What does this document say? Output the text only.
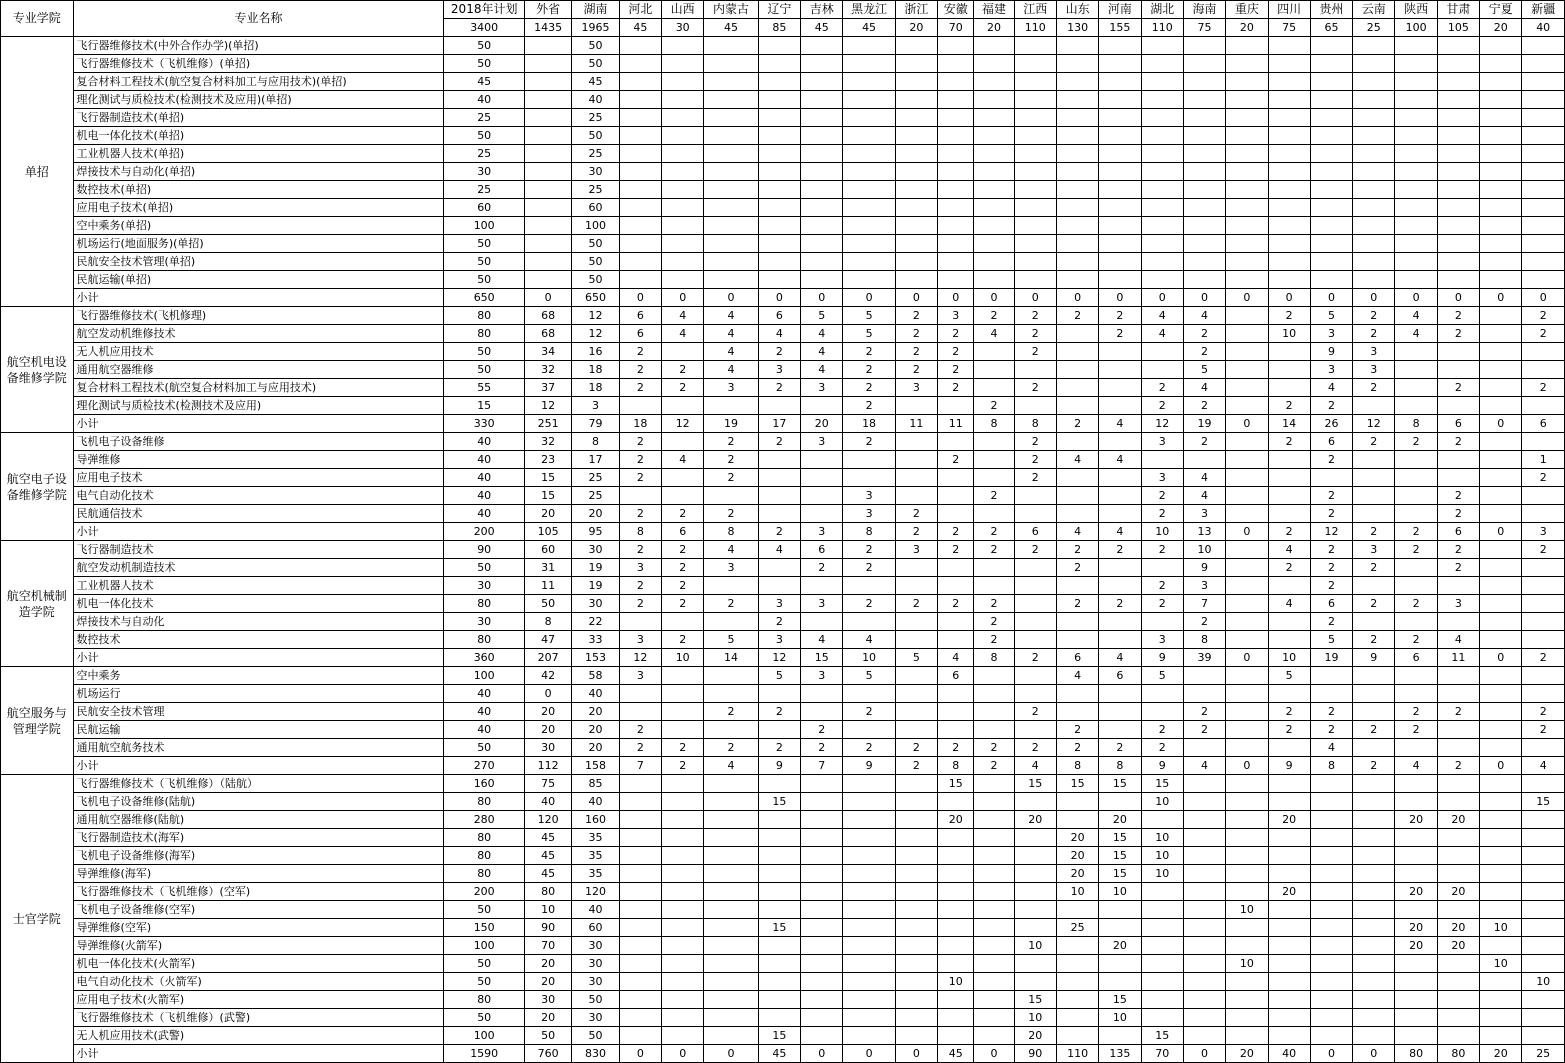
专业学院	专业名称	2018年计划	外省	湖南	河北	山西	内蒙古	辽宁	吉林	黑龙江	浙江	安徽	福建	江西	山东	河南	湖北	海南	重庆	四川	贵州	云南	陕西	甘肃	宁夏	新疆
		3400	1435	1965	45	30	45	85	45	45	20	70	20	110	130	155	110	75	20	75	65	25	100	105	20	40
单招	飞行器维修技术(中外合作办学)(单招)	50		50																						
	飞行器维修技术（飞机维修）(单招)	50		50																						
	复合材料工程技术(航空复合材料加工与应用技术)(单招)	45		45																						
	理化测试与质检技术(检测技术及应用)(单招)	40		40																						
	飞行器制造技术(单招)	25		25																						
	机电一体化技术(单招)	50		50																						
	工业机器人技术(单招)	25		25																						
	焊接技术与自动化(单招)	30		30																						
	数控技术(单招)	25		25																						
	应用电子技术(单招)	60		60																						
	空中乘务(单招)	100		100																						
	机场运行(地面服务)(单招)	50		50																						
	民航安全技术管理(单招)	50		50																						
	民航运输(单招)	50		50																						
	小计	650	0	650	0	0	0	0	0	0	0	0	0	0	0	0	0	0	0	0	0	0	0	0	0	0
航空机电设备维修学院	飞行器维修技术(飞机修理)	80	68	12	6	4	4	6	5	5	2	3	2	2	2	2	4	4		2	5	2	4	2		2
	航空发动机维修技术	80	68	12	6	4	4	4	4	5	2	2	4	2		2	4	2		10	3	2	4	2		2
	无人机应用技术	50	34	16	2		4	2	4	2	2	2		2				2			9	3				
	通用航空器维修	50	32	18	2	2	4	3	4	2	2	2						5			3	3				
	复合材料工程技术(航空复合材料加工与应用技术)	55	37	18	2	2	3	2	3	2	3	2		2			2	4			4	2		2		2
	理化测试与质检技术(检测技术及应用)	15	12	3						2			2				2	2		2	2					
	小计	330	251	79	18	12	19	17	20	18	11	11	8	8	2	4	12	19	0	14	26	12	8	6	0	6
航空电子设备维修学院	飞机电子设备维修	40	32	8	2		2	2	3	2				2			3	2		2	6	2	2	2		
	导弹维修	40	23	17	2	4	2					2		2	4	4					2					1
	应用电子技术	40	15	25	2		2							2			3	4								2
	电气自动化技术	40	15	25						3			2				2	4			2			2		
	民航通信技术	40	20	20	2	2	2			3	2						2	3			2			2		
	小计	200	105	95	8	6	8	2	3	8	2	2	2	6	4	4	10	13	0	2	12	2	2	6	0	3
航空机械制造学院	飞行器制造技术	90	60	30	2	2	4	4	6	2	3	2	2	2	2	2	2	10		4	2	3	2	2		2
	航空发动机制造技术	50	31	19	3	2	3		2	2					2			9		2	2	2		2		
	工业机器人技术	30	11	19	2	2											2	3			2					
	机电一体化技术	80	50	30	2	2	2	3	3	2	2	2	2		2	2	2	7		4	6	2	2	3		
	焊接技术与自动化	30	8	22				2					2					2			2					
	数控技术	80	47	33	3	2	5	3	4	4			2				3	8			5	2	2	4		
	小计	360	207	153	12	10	14	12	15	10	5	4	8	2	6	4	9	39	0	10	19	9	6	11	0	2
航空服务与管理学院	空中乘务	100	42	58	3			5	3	5		6			4	6	5			5						
	机场运行	40	0	40																						
	民航安全技术管理	40	20	20			2	2		2				2				2		2	2		2	2		2
	民航运输	40	20	20	2				2						2		2	2		2	2	2	2			2
	通用航空航务技术	50	30	20	2	2	2	2	2	2	2	2	2	2	2	2	2				4					
	小计	270	112	158	7	2	4	9	7	9	2	8	2	4	8	8	9	4	0	9	8	2	4	2	0	4
士官学院	飞行器维修技术（飞机维修）（陆航）	160	75	85								15		15	15	15	15									
	飞机电子设备维修(陆航)	80	40	40				15									10									15
	通用航空器维修(陆航)	280	120	160								20		20		20				20			20	20		
	飞行器制造技术(海军)	80	45	35											20	15	10									
	飞机电子设备维修(海军)	80	45	35											20	15	10									
	导弹维修(海军)	80	45	35											20	15	10									
	飞行器维修技术（飞机维修）(空军)	200	80	120											10	10				20			20	20		
	飞机电子设备维修(空军)	50	10	40															10							
	导弹维修(空军)	150	90	60				15							25								20	20	10	
	导弹维修(火箭军)	100	70	30										10		20							20	20		
	机电一体化技术(火箭军)	50	20	30															10						10	
	电气自动化技术（火箭军)	50	20	30								10														10
	应用电子技术(火箭军)	80	30	50										15		15										
	飞行器维修技术（飞机维修）(武警)	50	20	30										10		10										
	无人机应用技术(武警)	100	50	50				15						20			15									
	小计	1590	760	830	0	0	0	45	0	0	0	45	0	90	110	135	70	0	20	40	0	0	80	80	20	25
